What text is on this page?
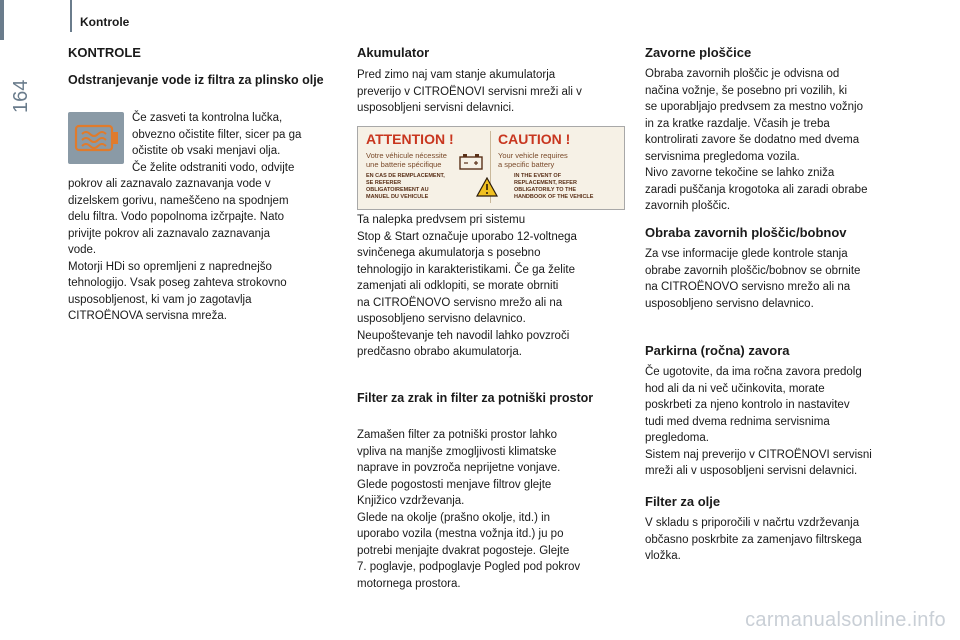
Kontrole
164
KONTROLE
Odstranjevanje vode iz filtra za plinsko olje
Če zasveti ta kontrolna lučka,
obvezno očistite filter, sicer pa ga
očistite ob vsaki menjavi olja.
Če želite odstraniti vodo, odvijte
pokrov ali zaznavalo zaznavanja vode v
dizelskem gorivu, nameščeno na spodnjem
delu filtra. Vodo popolnoma izčrpajte. Nato
privijte pokrov ali zaznavalo zaznavanja
vode.
Motorji HDi so opremljeni z naprednejšo
tehnologijo. Vsak poseg zahteva strokovno
usposobljenost, ki vam jo zagotavlja
CITROËNOVA servisna mreža.
Akumulator
Pred zimo naj vam stanje akumulatorja
preverijo v CITROËNOVI servisni mreži ali v
usposobljeni servisni delavnici.
ATTENTION !	CAUTION !
Votre véhicule nécessite
une batterie spécifique
Your vehicle requires
a specific battery
EN CAS DE REMPLACEMENT,
SE REFERER
OBLIGATOIREMENT AU
MANUEL DU VEHICULE
IN THE EVENT OF
REPLACEMENT, REFER
OBLIGATORILY TO THE
HANDBOOK OF THE VEHICLE
Ta nalepka predvsem pri sistemu
Stop & Start označuje uporabo 12-voltnega
svinčenega akumulatorja s posebno
tehnologijo in karakteristikami. Če ga želite
zamenjati ali odklopiti, se morate obrniti
na CITROËNOVO servisno mrežo ali na
usposobljeno servisno delavnico.
Neupoštevanje teh navodil lahko povzroči
predčasno obrabo akumulatorja.
Filter za zrak in filter za potniški prostor
Zamašen filter za potniški prostor lahko
vpliva na manjše zmogljivosti klimatske
naprave in povzroča neprijetne vonjave.
Glede pogostosti menjave filtrov glejte
Knjižico vzdrževanja.
Glede na okolje (prašno okolje, itd.) in
uporabo vozila (mestna vožnja itd.) ju po
potrebi menjajte dvakrat pogosteje. Glejte
7. poglavje, podpoglavje Pogled pod pokrov
motornega prostora.
Zavorne ploščice
Obraba zavornih ploščic je odvisna od
načina vožnje, še posebno pri vozilih, ki
se uporabljajo predvsem za mestno vožnjo
in za kratke razdalje. Včasih je treba
kontrolirati zavore še dodatno med dvema
servisnima pregledoma vozila.
Nivo zavorne tekočine se lahko zniža
zaradi puščanja krogotoka ali zaradi obrabe
zavornih ploščic.
Obraba zavornih ploščic/bobnov
Za vse informacije glede kontrole stanja
obrabe zavornih ploščic/bobnov se obrnite
na CITROËNOVO servisno mrežo ali na
usposobljeno servisno delavnico.
Parkirna (ročna) zavora
Če ugotovite, da ima ročna zavora predolg
hod ali da ni več učinkovita, morate
poskrbeti za njeno kontrolo in nastavitev
tudi med dvema rednima servisnima
pregledoma.
Sistem naj preverijo v CITROËNOVI servisni
mreži ali v usposobljeni servisni delavnici.
Filter za olje
V skladu s priporočili v načrtu vzdrževanja
občasno poskrbite za zamenjavo filtrskega
vložka.
carmanualsonline.info
